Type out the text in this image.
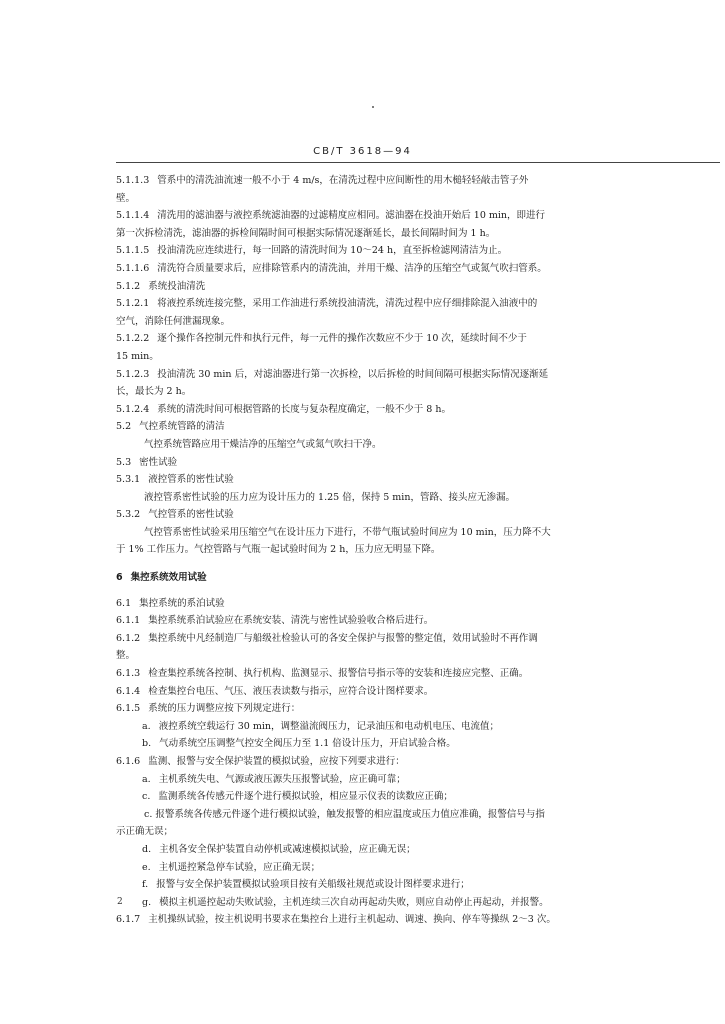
CB/T 3618—94
5.1.1.3 管系中的清洗油流速一般不小于 4 m/s，在清洗过程中应间断性的用木槌轻轻敲击管子外
壁。
5.1.1.4 清洗用的滤油器与液控系统滤油器的过滤精度应相同。滤油器在投油开始后 10 min，即进行
第一次拆检清洗，滤油器的拆检间隔时间可根据实际情况逐渐延长，最长间隔时间为 1 h。
5.1.1.5 投油清洗应连续进行，每一回路的清洗时间为 10～24 h，直至拆检滤网清洁为止。
5.1.1.6 清洗符合质量要求后，应排除管系内的清洗油，并用干燥、洁净的压缩空气或氮气吹扫管系。
5.1.2 系统投油清洗
5.1.2.1 将液控系统连接完整，采用工作油进行系统投油清洗，清洗过程中应仔细排除混入油液中的
空气，消除任何泄漏现象。
5.1.2.2 逐个操作各控制元件和执行元件，每一元件的操作次数应不少于 10 次，延续时间不少于
15 min。
5.1.2.3 投油清洗 30 min 后，对滤油器进行第一次拆检，以后拆检的时间间隔可根据实际情况逐渐延
长，最长为 2 h。
5.1.2.4 系统的清洗时间可根据管路的长度与复杂程度确定，一般不少于 8 h。
5.2 气控系统管路的清洁
气控系统管路应用干燥洁净的压缩空气或氮气吹扫干净。
5.3 密性试验
5.3.1 液控管系的密性试验
液控管系密性试验的压力应为设计压力的 1.25 倍，保持 5 min，管路、接头应无渗漏。
5.3.2 气控管系的密性试验
气控管系密性试验采用压缩空气在设计压力下进行，不带气瓶试验时间应为 10 min，压力降不大
于 1% 工作压力。气控管路与气瓶一起试验时间为 2 h，压力应无明显下降。
6 集控系统效用试验
6.1 集控系统的系泊试验
6.1.1 集控系统系泊试验应在系统安装、清洗与密性试验验收合格后进行。
6.1.2 集控系统中凡经制造厂与船级社检验认可的各安全保护与报警的整定值，效用试验时不再作调
整。
6.1.3 检查集控系统各控制、执行机构、监测显示、报警信号指示等的安装和连接应完整、正确。
6.1.4 检查集控台电压、气压、液压表读数与指示，应符合设计图样要求。
6.1.5 系统的压力调整应按下列规定进行：
a. 液控系统空载运行 30 min，调整溢流阀压力，记录油压和电动机电压、电流值；
b. 气动系统空压调整气控安全阀压力至 1.1 倍设计压力，开启试验合格。
6.1.6 监测、报警与安全保护装置的模拟试验，应按下列要求进行：
a. 主机系统失电、气源或液压源失压报警试验，应正确可靠；
c. 监测系统各传感元件逐个进行模拟试验，相应显示仪表的读数应正确；
c. 报警系统各传感元件逐个进行模拟试验，触发报警的相应温度或压力值应准确，报警信号与指
示正确无误；
d. 主机各安全保护装置自动停机或减速模拟试验，应正确无误；
e. 主机遥控紧急停车试验，应正确无误；
f. 报警与安全保护装置模拟试验项目按有关船级社规范或设计图样要求进行；
g. 模拟主机遥控起动失败试验，主机连续三次自动再起动失败，则应自动停止再起动，并报警。
6.1.7 主机操纵试验，按主机说明书要求在集控台上进行主机起动、调速、换向、停车等操纵 2～3 次。
2
